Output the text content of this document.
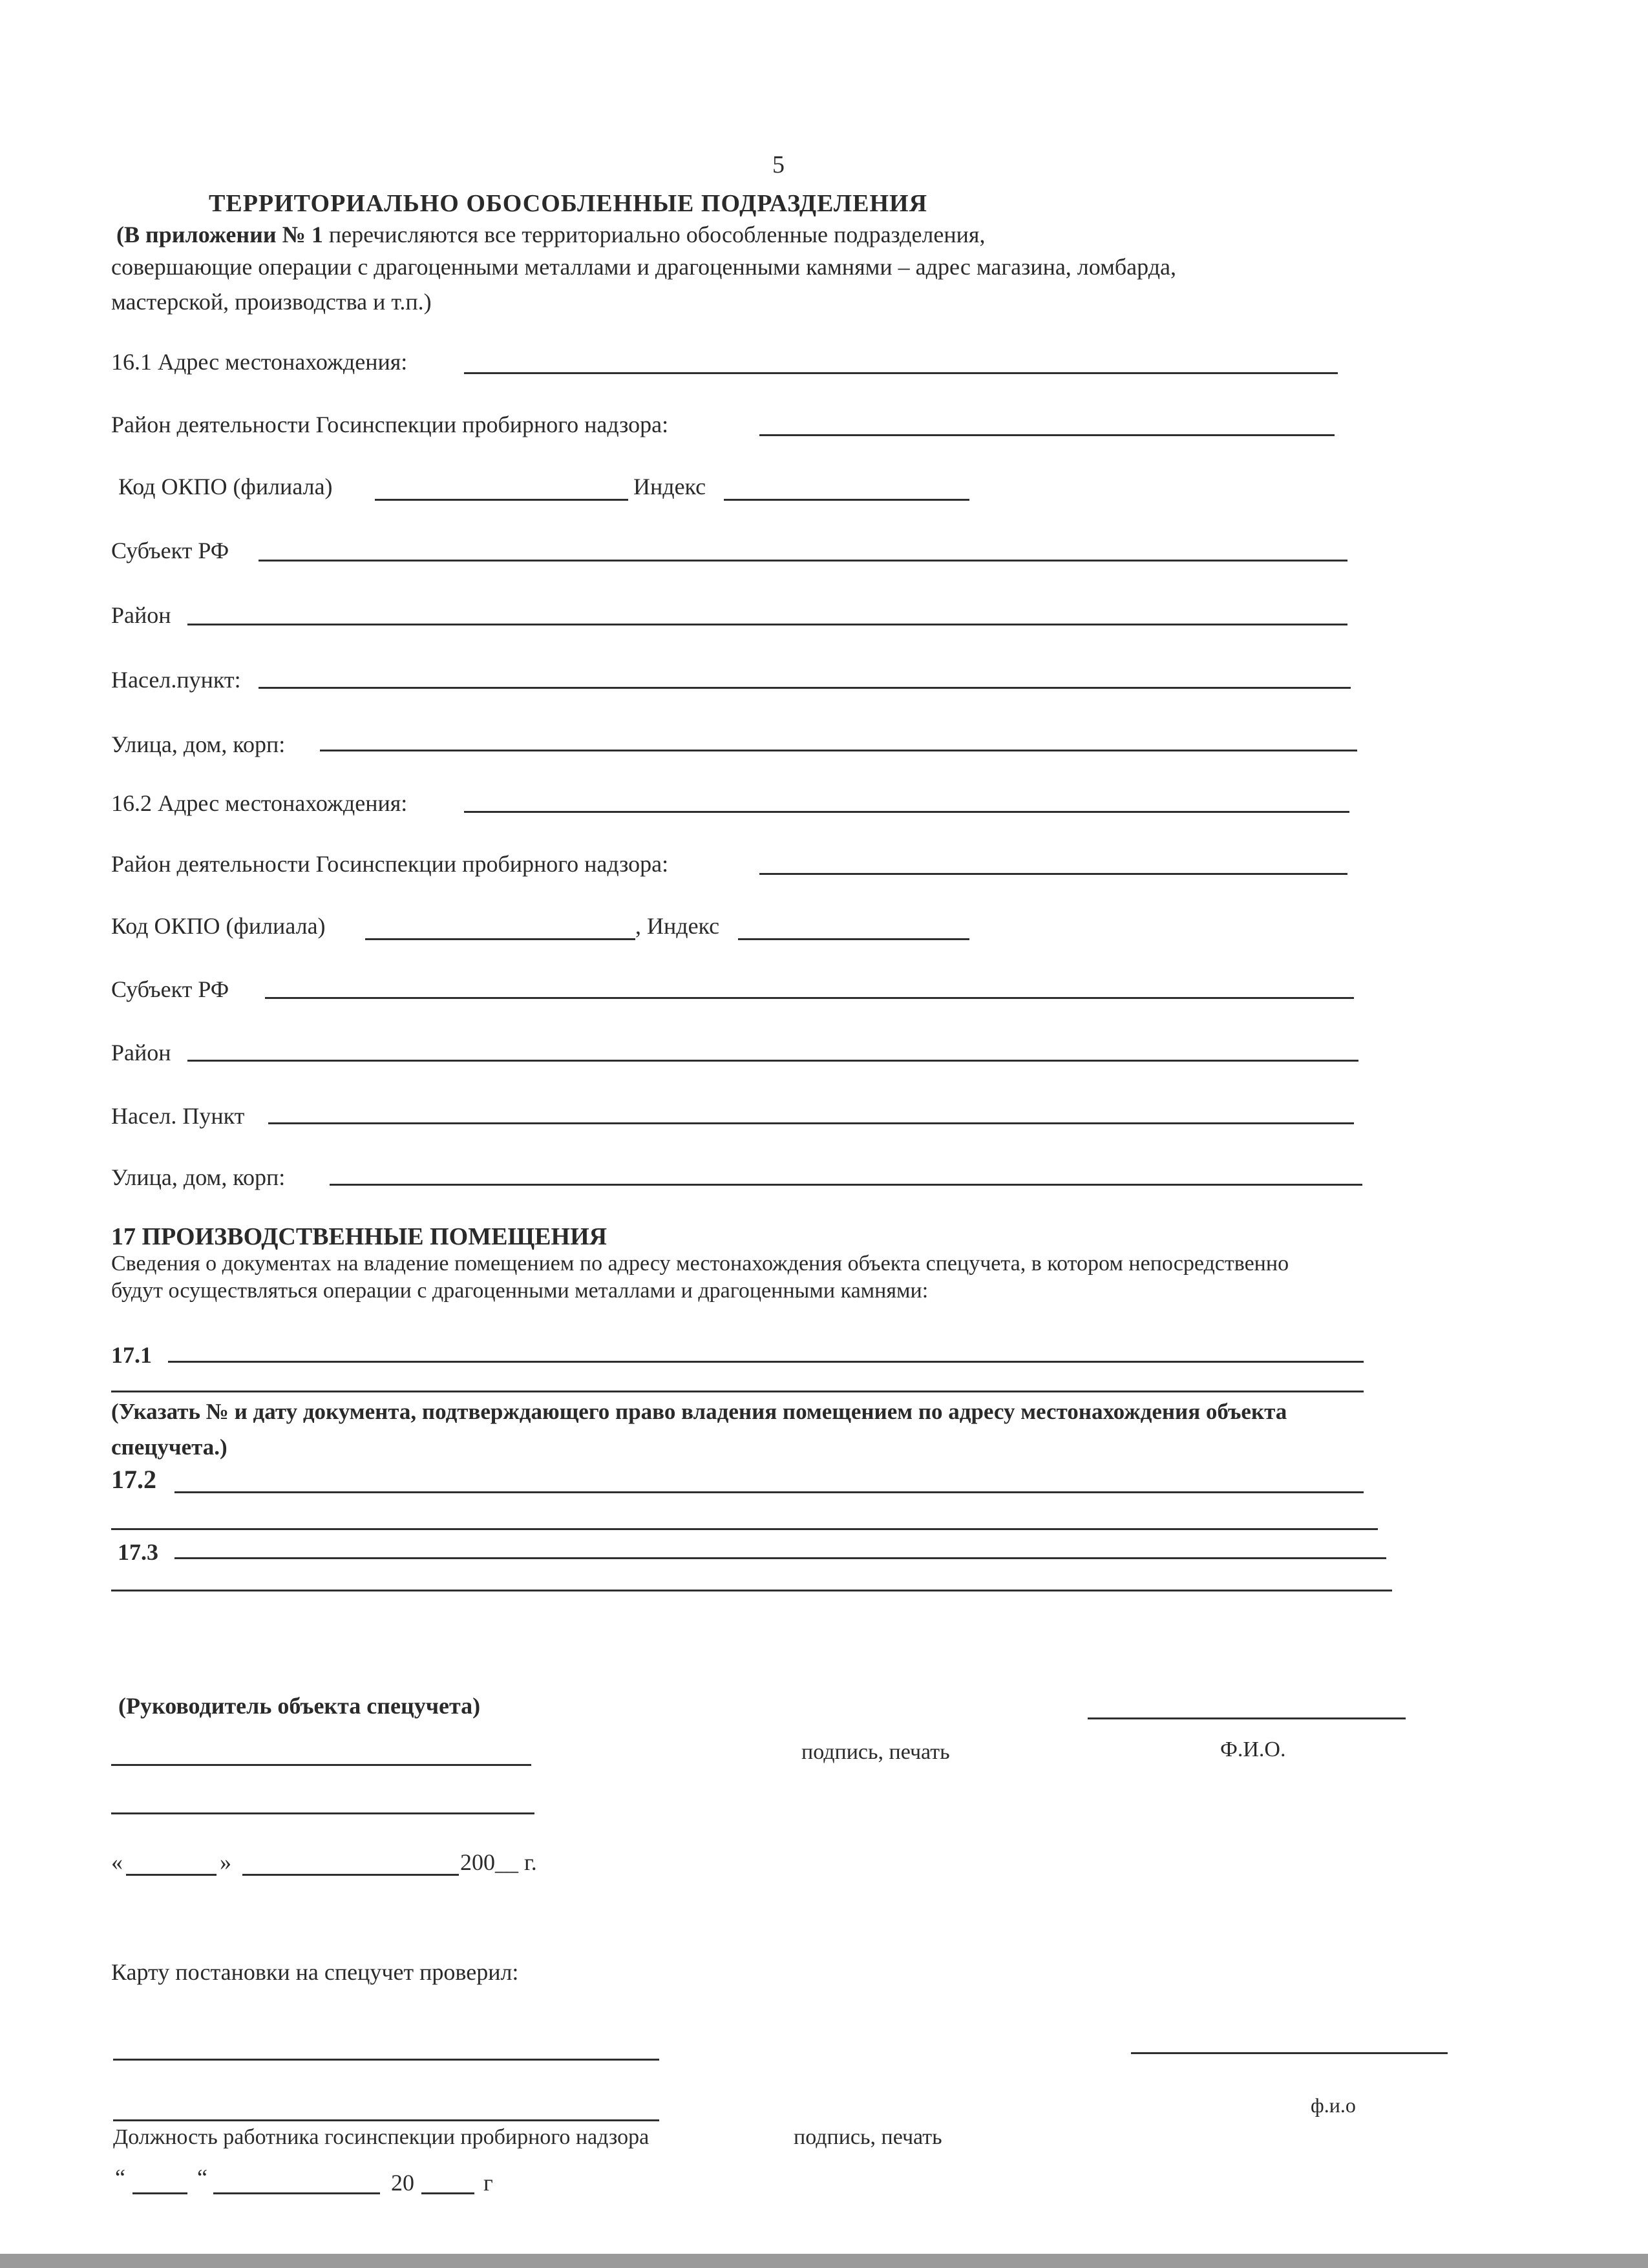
5
ТЕРРИТОРИАЛЬНО ОБОСОБЛЕННЫЕ ПОДРАЗДЕЛЕНИЯ
(В приложении № 1 перечисляются все территориально обособленные подразделения,
совершающие операции с драгоценными металлами и драгоценными камнями – адрес магазина, ломбарда,
мастерской, производства и т.п.)
16.1 Адрес местонахождения:
Район деятельности Госинспекции пробирного надзора:
Код ОКПО (филиала)	Индекс
Субъект РФ
Район
Насел.пункт:
Улица, дом, корп:
16.2 Адрес местонахождения:
Район деятельности Госинспекции пробирного надзора:
Код ОКПО (филиала)	, Индекс
Субъект РФ
Район
Насел. Пункт
Улица, дом, корп:
17 ПРОИЗВОДСТВЕННЫЕ ПОМЕЩЕНИЯ
Сведения о документах на владение помещением по адресу местонахождения объекта спецучета, в котором непосредственно
будут осуществляться операции с драгоценными металлами и драгоценными камнями:
17.1
(Указать № и дату документа, подтверждающего право владения помещением по адресу местонахождения объекта
спецучета.)
17.2
17.3
(Руководитель объекта спецучета)
подпись, печать	Ф.И.О.
«	»	200__ г.
Карту постановки на спецучет проверил:
ф.и.о
Должность работника госинспекции пробирного надзора	подпись, печать
“	“	20	г
